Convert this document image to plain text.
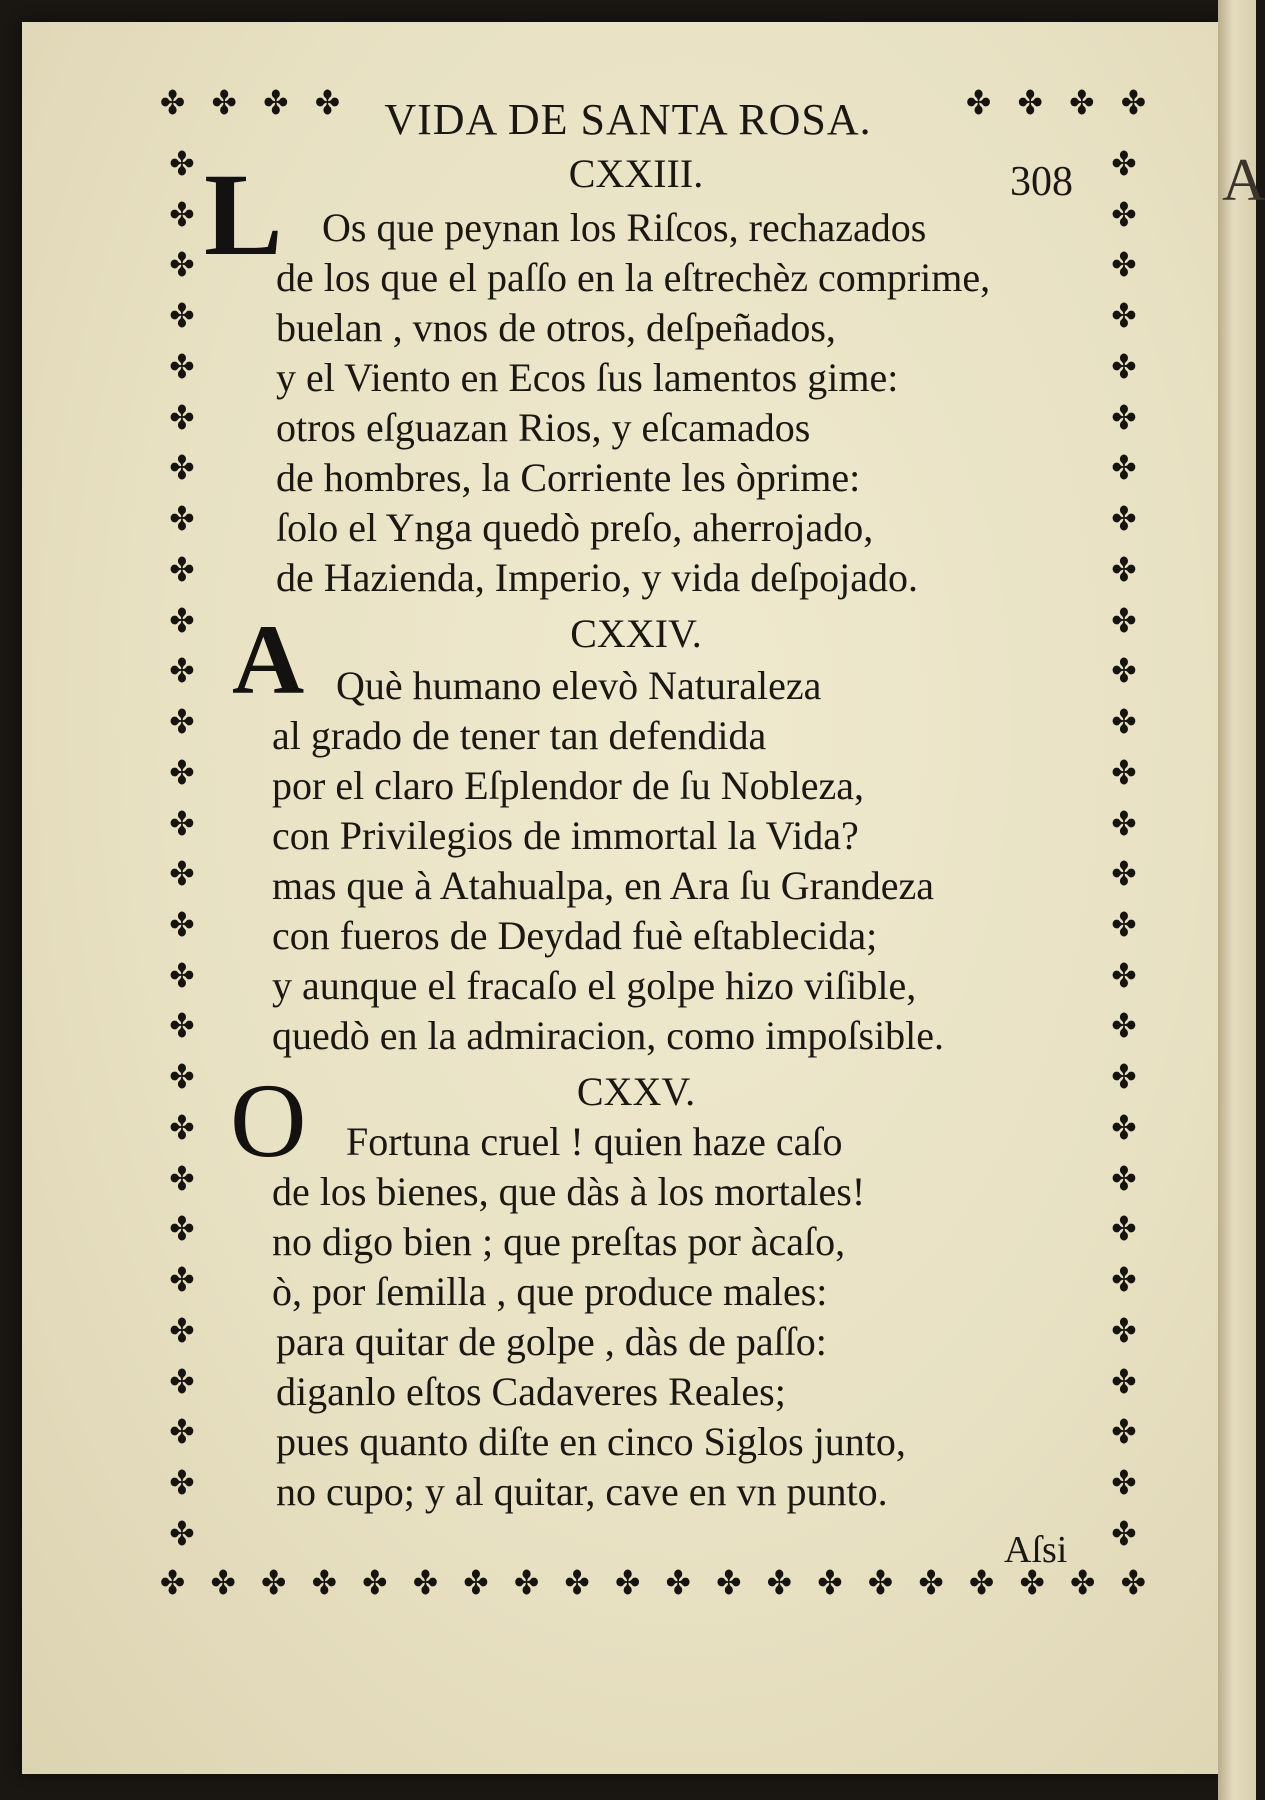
A
✤ ✤ ✤ ✤	✤ ✤ ✤ ✤
✤ ✤ ✤ ✤ ✤ ✤ ✤ ✤ ✤ ✤ ✤ ✤ ✤ ✤ ✤ ✤ ✤ ✤ ✤ ✤
✤
✤
✤
✤
✤
✤
✤
✤
✤
✤
✤
✤
✤
✤
✤
✤
✤
✤
✤
✤
✤
✤
✤
✤
✤
✤
✤
✤
✤
✤
✤
✤
✤
✤
✤
✤
✤
✤
✤
✤
✤
✤
✤
✤
✤
✤
✤
✤
✤
✤
✤
✤
✤
✤
✤
✤
VIDA DE SANTA ROSA.
308
CXXIII.
L Os que peynan los Riſcos, rechazados
de los que el paſſo en la eſtrechèz comprime,
buelan , vnos de otros, deſpeñados,
y el Viento en Ecos ſus lamentos gime:
otros eſguazan Rios, y eſcamados
de hombres, la Corriente les òprime:
ſolo el Ynga quedò preſo, aherrojado,
de Hazienda, Imperio, y vida deſpojado.
CXXIV.
A Què humano elevò Naturaleza
al grado de tener tan defendida
por el claro Eſplendor de ſu Nobleza,
con Privilegios de immortal la Vida?
mas que à Atahualpa, en Ara ſu Grandeza
con fueros de Deydad fuè eſtablecida;
y aunque el fracaſo el golpe hizo viſible,
quedò en la admiracion, como impoſsible.
CXXV.
O Fortuna cruel ! quien haze caſo
de los bienes, que dàs à los mortales!
no digo bien ; que preſtas por àcaſo,
ò, por ſemilla , que produce males:
para quitar de golpe , dàs de paſſo:
diganlo eſtos Cadaveres Reales;
pues quanto diſte en cinco Siglos junto,
no cupo; y al quitar, cave en vn punto.
Aſsi
